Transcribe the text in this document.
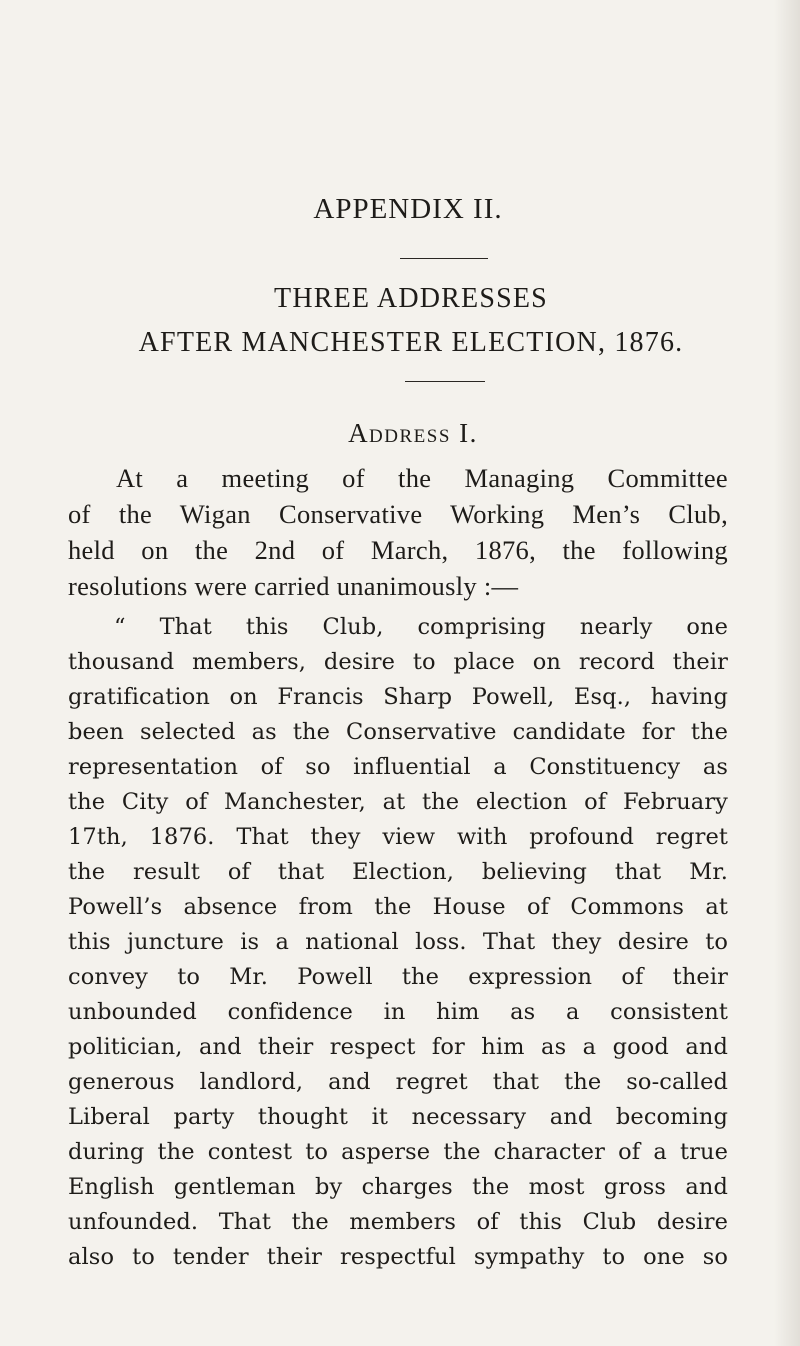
APPENDIX II.
THREE ADDRESSES
AFTER MANCHESTER ELECTION, 1876.
Address I.
At a meeting of the Managing Committee
of the Wigan Conservative Working Men’s Club,
held on the 2nd of March, 1876, the following
resolutions were carried unanimously :—
“ That this Club, comprising nearly one
thousand members, desire to place on record their
gratification on Francis Sharp Powell, Esq., having
been selected as the Conservative candidate for the
representation of so influential a Constituency as
the City of Manchester, at the election of February
17th, 1876. That they view with profound regret
the result of that Election, believing that Mr.
Powell’s absence from the House of Commons at
this juncture is a national loss. That they desire to
convey to Mr. Powell the expression of their
unbounded confidence in him as a consistent
politician, and their respect for him as a good and
generous landlord, and regret that the so-called
Liberal party thought it necessary and becoming
during the contest to asperse the character of a true
English gentleman by charges the most gross and
unfounded. That the members of this Club desire
also to tender their respectful sympathy to one so
